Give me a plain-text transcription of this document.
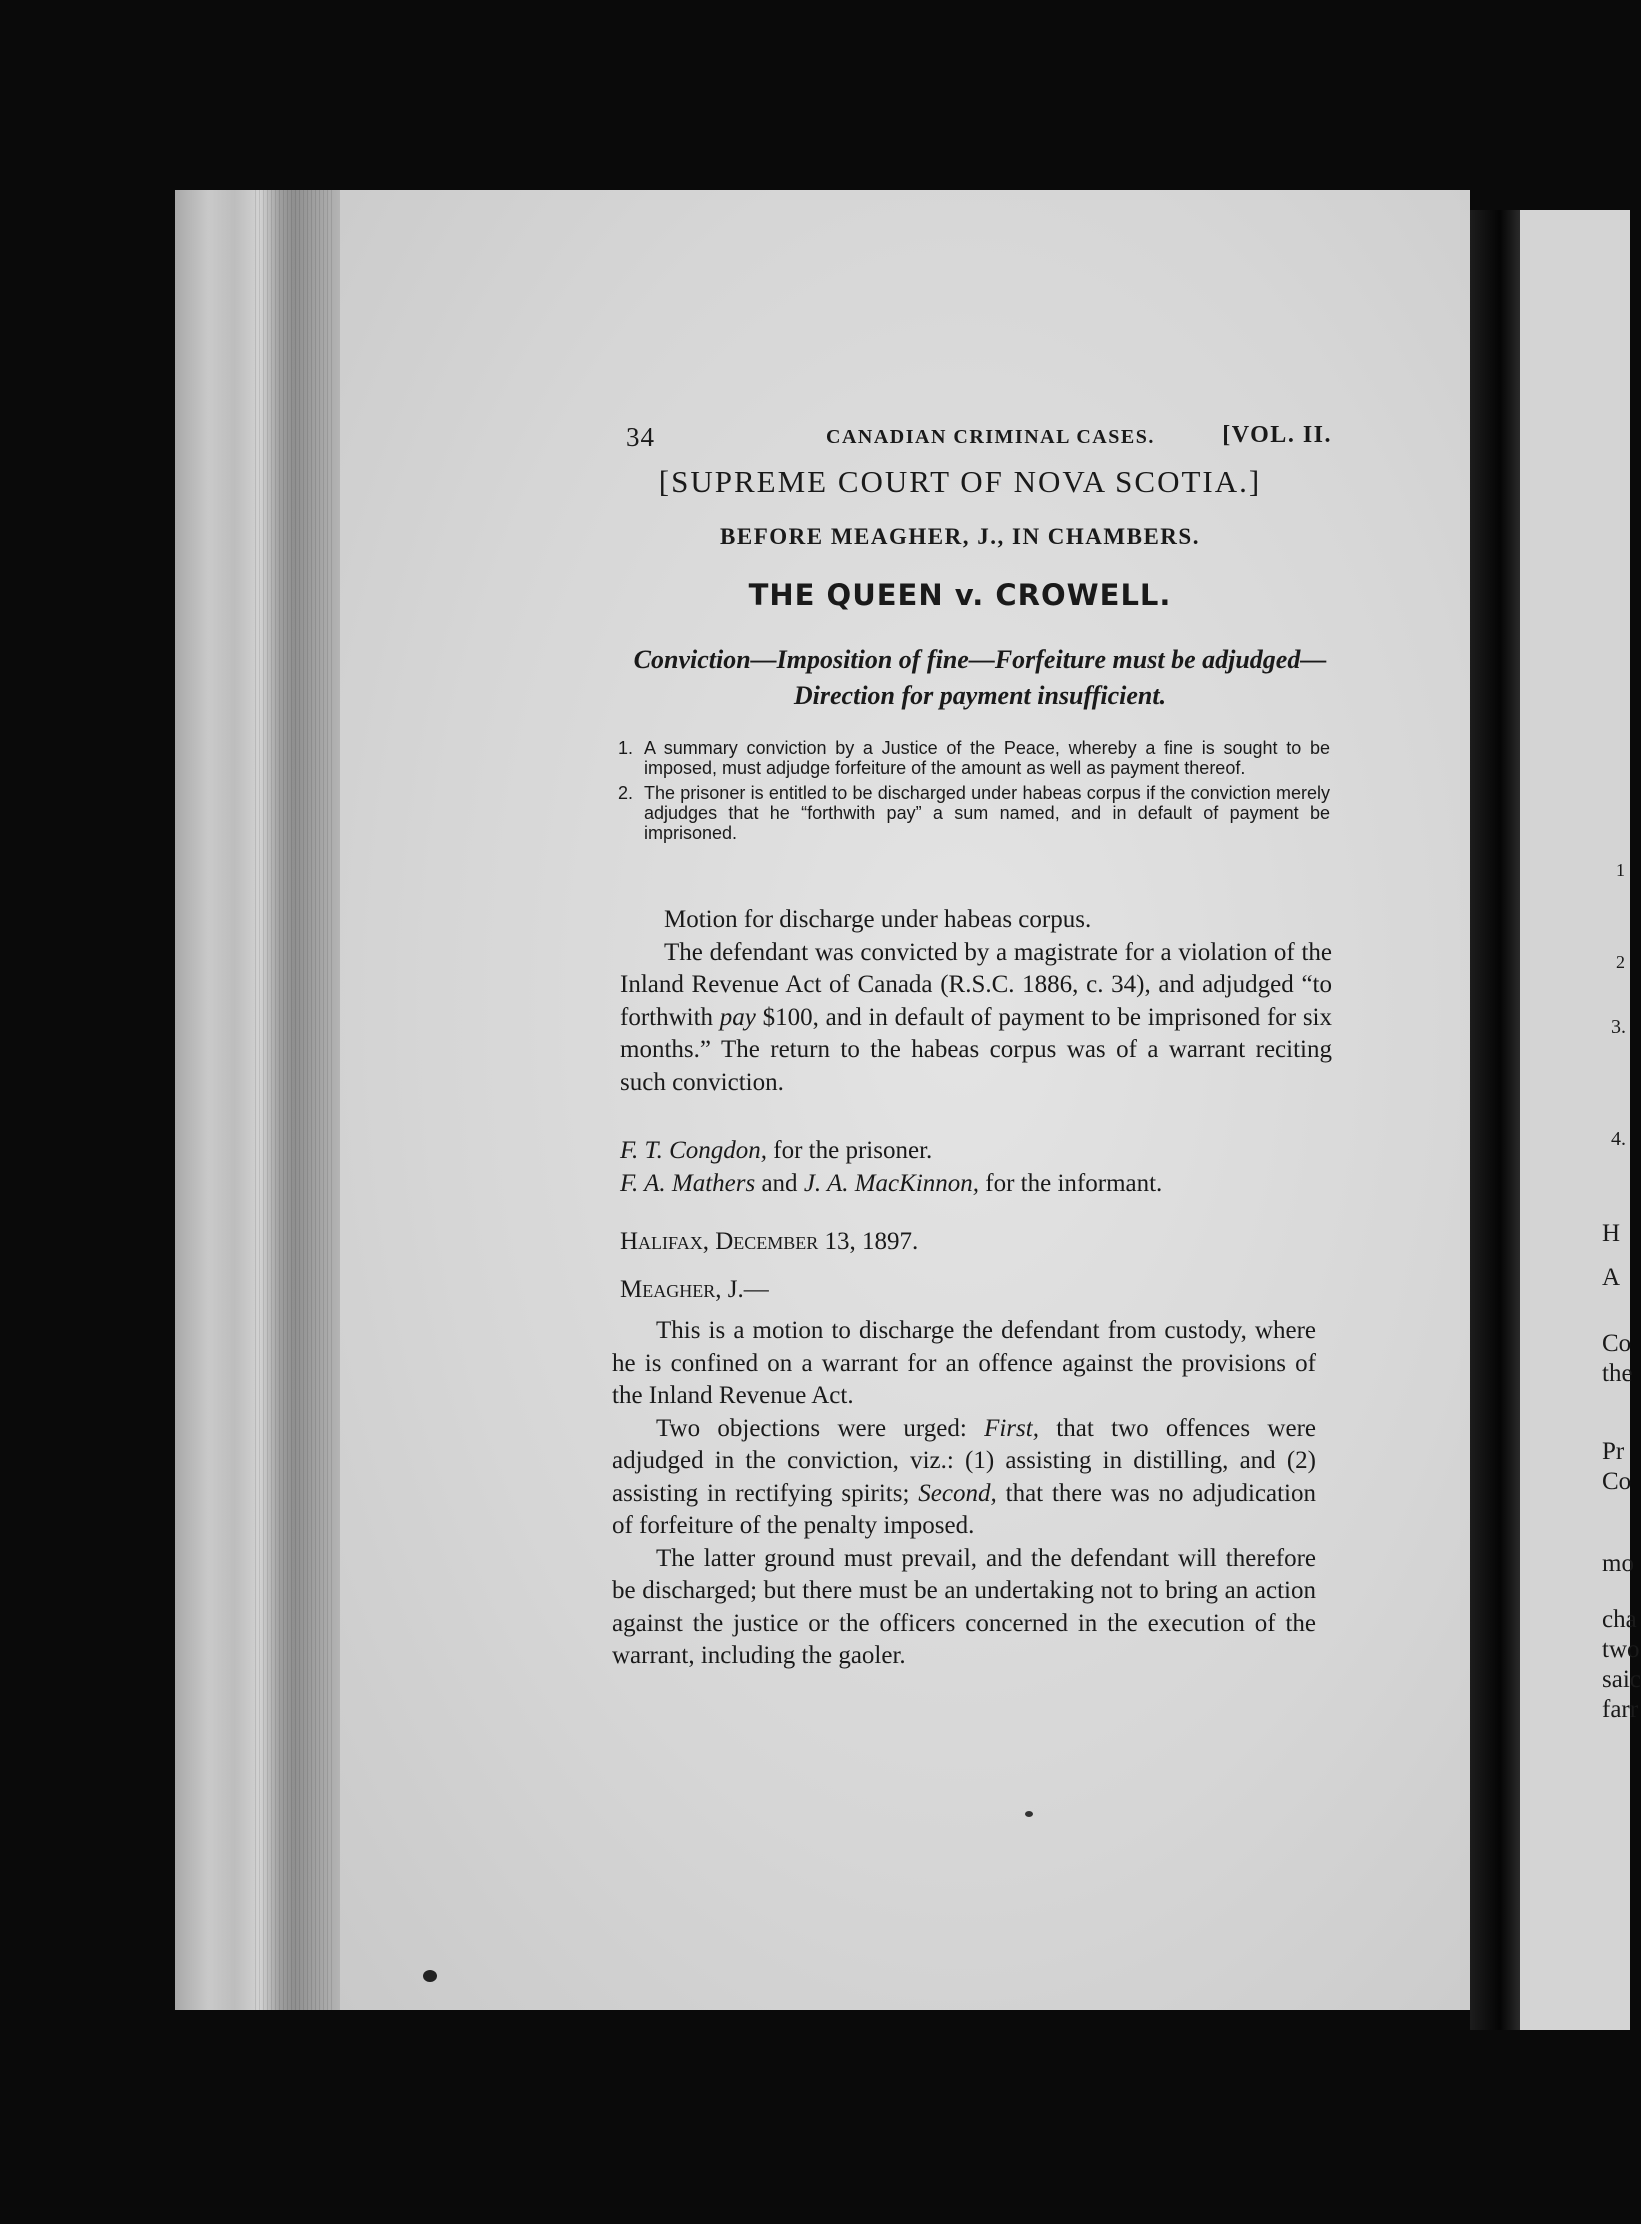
34	CANADIAN CRIMINAL CASES.	[VOL. II.
[SUPREME COURT OF NOVA SCOTIA.]
BEFORE MEAGHER, J., IN CHAMBERS.
THE QUEEN v. CROWELL.
Conviction—Imposition of fine—Forfeiture must be adjudged—
Direction for payment insufficient.
1. A summary conviction by a Justice of the Peace, whereby a fine is sought to be imposed, must adjudge forfeiture of the amount as well as payment thereof.
2. The prisoner is entitled to be discharged under habeas corpus if the conviction merely adjudges that he “forthwith pay” a sum named, and in default of payment be imprisoned.

Motion for discharge under habeas corpus.

The defendant was convicted by a magistrate for a violation of the Inland Revenue Act of Canada (R.S.C. 1886, c. 34), and adjudged “to forthwith pay $100, and in default of payment to be imprisoned for six months.” The return to the habeas corpus was of a warrant reciting such conviction.

F. T. Congdon, for the prisoner.

F. A. Mathers and J. A. MacKinnon, for the informant.

Halifax, December 13, 1897.
Meagher, J.—

This is a motion to discharge the defendant from custody, where he is confined on a warrant for an offence against the provisions of the Inland Revenue Act.

Two objections were urged: First, that two offences were adjudged in the conviction, viz.: (1) assisting in distilling, and (2) assisting in rectifying spirits; Second, that there was no adjudication of forfeiture of the penalty imposed.

The latter ground must prevail, and the defendant will therefore be discharged; but there must be an undertaking not to bring an action against the justice or the officers concerned in the execution of the warrant, including the gaoler.

1
2
3.
4.
H
A
Co
the
Pr
Co
mo
cha
two
saic
farr
